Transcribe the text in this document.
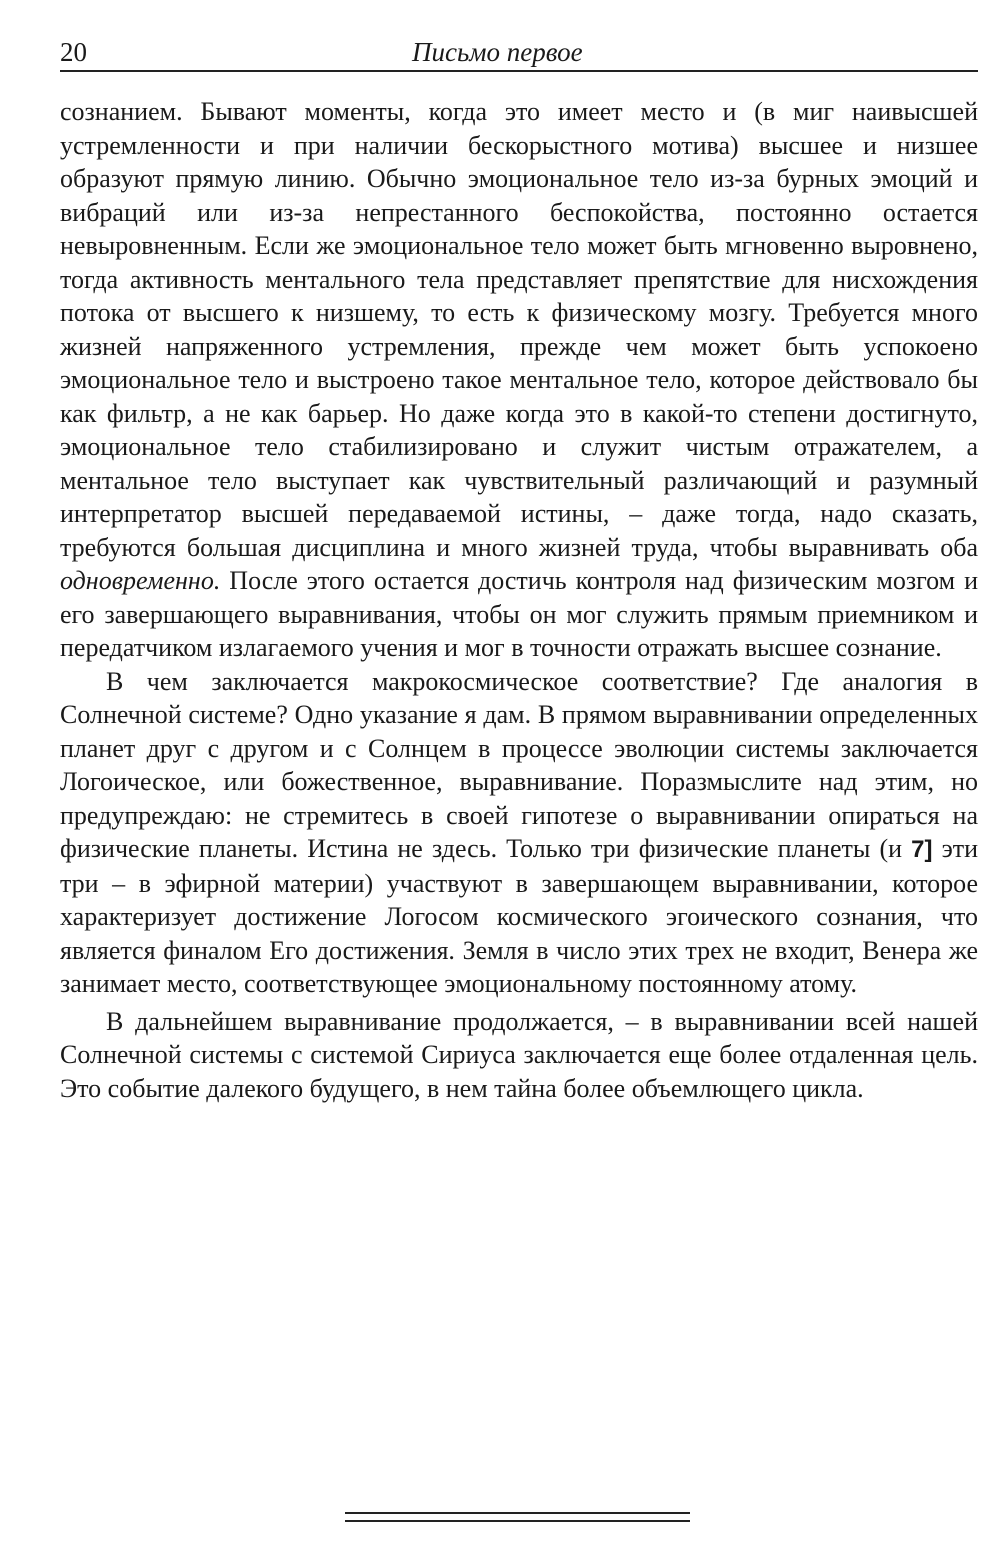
20	Письмо первое

сознанием. Бывают моменты, когда это имеет место и (в миг наивысшей устремленности и при наличии бескорыстного мотива) высшее и низшее образуют прямую линию. Обычно эмоциональное тело из-за бурных эмоций и вибраций или из-за непрестанного беспокойства, постоянно остается невыровненным. Если же эмоциональное тело может быть мгновенно выровнено, тогда активность ментального тела представляет препятствие для нисхождения потока от высшего к низшему, то есть к физическому мозгу. Требуется много жизней напряженного устремления, прежде чем может быть успокоено эмоциональное тело и выстроено такое ментальное тело, которое действовало бы как фильтр, а не как барьер. Но даже когда это в какой-то степени достигнуто, эмоциональное тело стабилизировано и служит чистым отражателем, а ментальное тело выступает как чувствительный различающий и разумный интерпретатор высшей передаваемой истины, – даже тогда, надо сказать, требуются большая дисциплина и много жизней труда, чтобы выравнивать оба одновременно. После этого остается достичь контроля над физическим мозгом и его завершающего выравнивания, чтобы он мог служить прямым приемником и передатчиком излагаемого учения и мог в точности отражать высшее сознание.

В чем заключается макрокосмическое соответствие? Где аналогия в Солнечной системе? Одно указание я дам. В прямом выравнивании определенных планет друг с другом и с Солнцем в процессе эволюции системы заключается Логоическое, или божественное, выравнивание. Поразмыслите над этим, но предупреждаю: не стремитесь в своей гипотезе о выравнивании опираться на физические планеты. Истина не здесь. Только три физические планеты (и 7] эти три – в эфирной материи) участвуют в завершающем выравнивании, которое характеризует достижение Логосом космического эгоического сознания, что является финалом Его достижения. Земля в число этих трех не входит, Венера же занимает место, соответствующее эмоциональному постоянному атому.

В дальнейшем выравнивание продолжается, – в выравнивании всей нашей Солнечной системы с системой Сириуса заключается еще более отдаленная цель. Это событие далекого будущего, в нем тайна более объемлющего цикла.
